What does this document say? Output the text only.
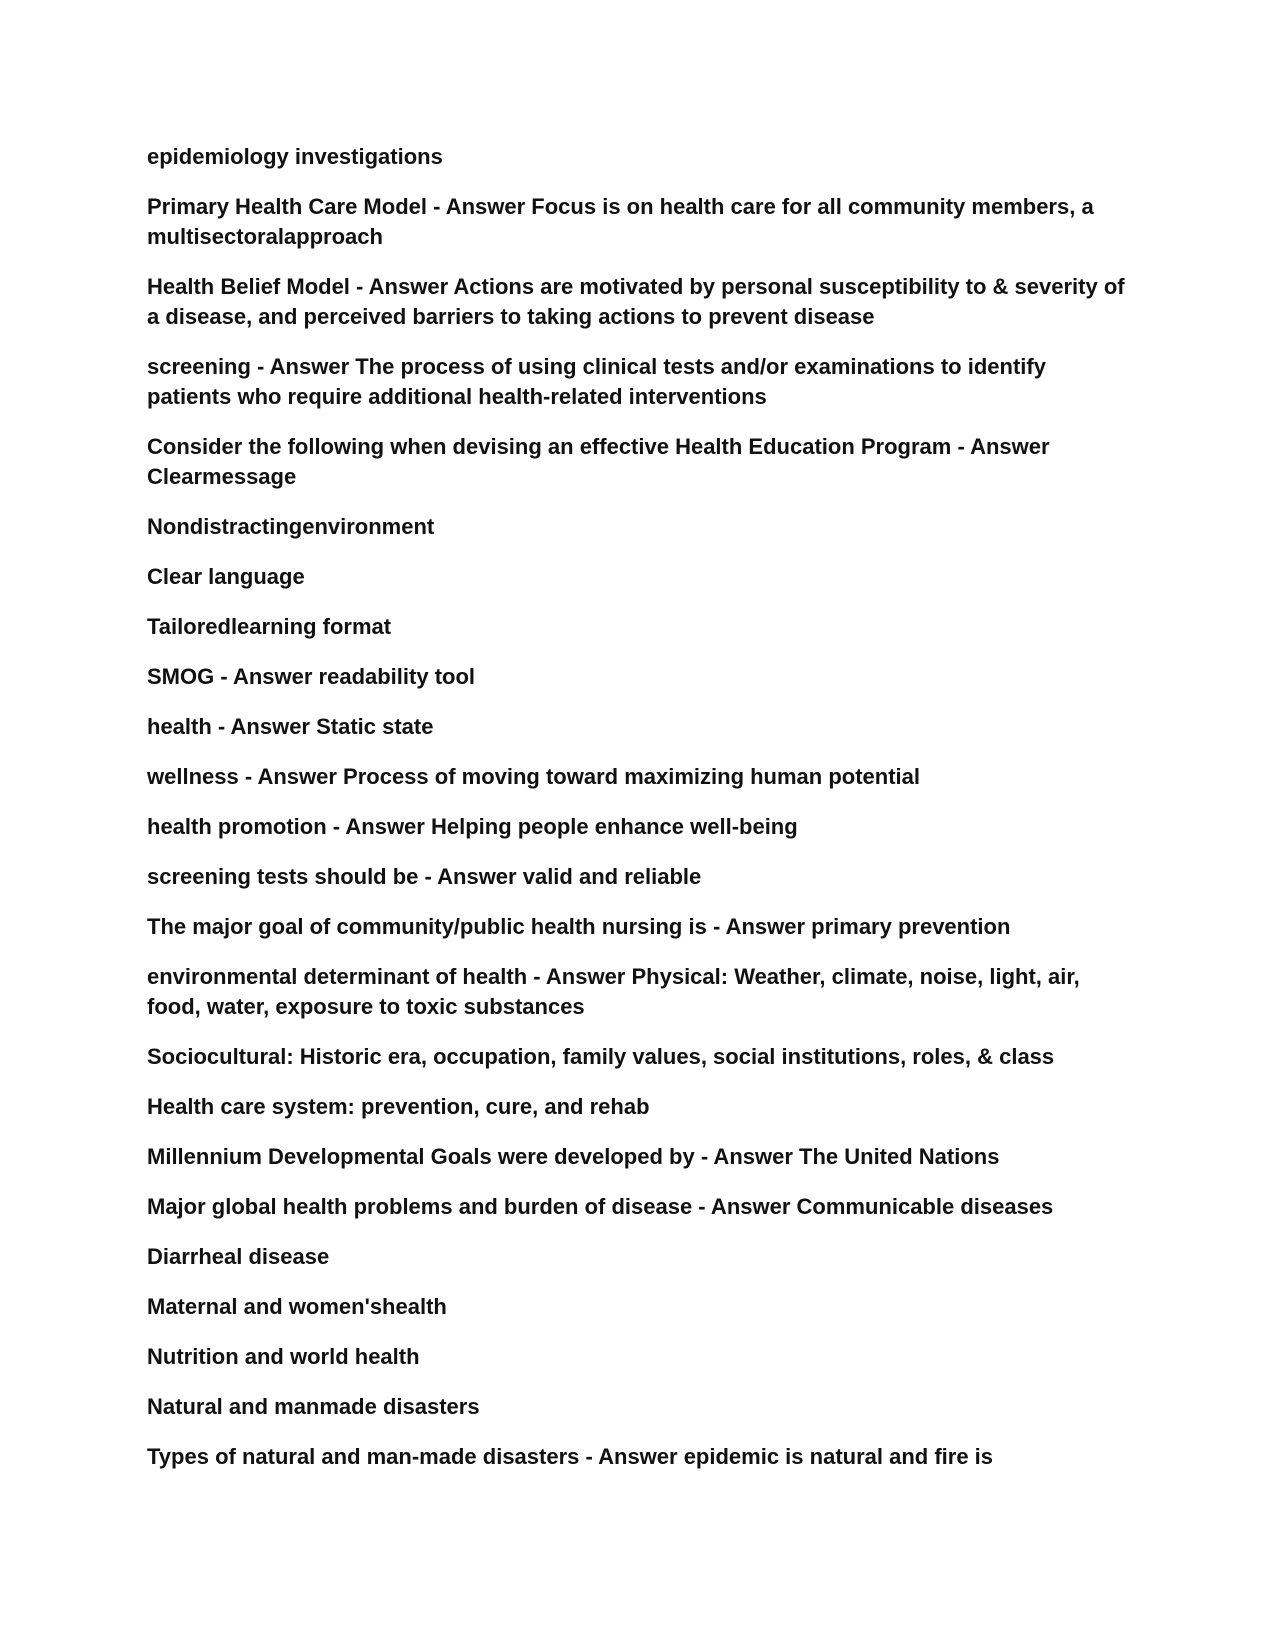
epidemiology investigations

Primary Health Care Model - Answer Focus is on health care for all community members, a multisectoralapproach

Health Belief Model - Answer Actions are motivated by personal susceptibility to & severity of a disease, and perceived barriers to taking actions to prevent disease

screening - Answer The process of using clinical tests and/or examinations to identify patients who require additional health-related interventions

Consider the following when devising an effective Health Education Program - Answer Clearmessage

Nondistractingenvironment

Clear language

Tailoredlearning format

SMOG - Answer readability tool

health - Answer Static state

wellness - Answer Process of moving toward maximizing human potential

health promotion - Answer Helping people enhance well-being

screening tests should be - Answer valid and reliable

The major goal of community/public health nursing is - Answer primary prevention

environmental determinant of health - Answer Physical: Weather, climate, noise, light, air, food, water, exposure to toxic substances

Sociocultural: Historic era, occupation, family values, social institutions, roles, & class

Health care system: prevention, cure, and rehab

Millennium Developmental Goals were developed by - Answer The United Nations

Major global health problems and burden of disease - Answer Communicable diseases

Diarrheal disease

Maternal and women'shealth

Nutrition and world health

Natural and manmade disasters

Types of natural and man-made disasters - Answer epidemic is natural and fire is
